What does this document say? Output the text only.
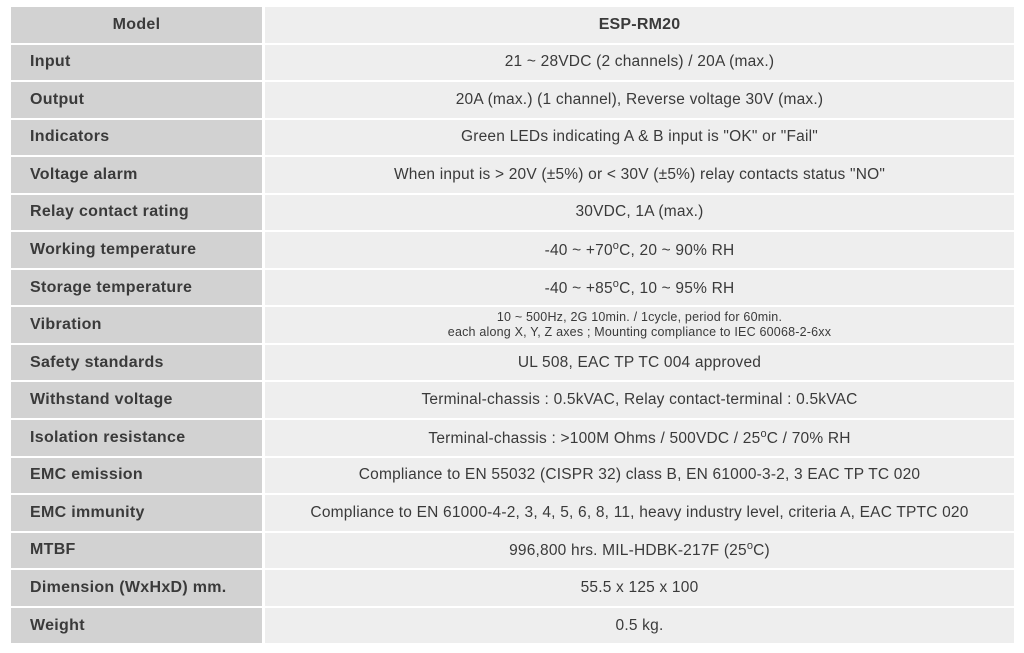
Model	ESP-RM20
Input	21 ~ 28VDC (2 channels) / 20A (max.)
Output	20A (max.) (1 channel), Reverse voltage 30V (max.)
Indicators	Green LEDs indicating A & B input is "OK" or "Fail"
Voltage alarm	When input is > 20V (±5%) or < 30V (±5%) relay contacts status "NO"
Relay contact rating	30VDC, 1A (max.)
Working temperature	-40 ~ $+70^oC$, 20 ~ 90% RH
Storage temperature	-40 ~ $+85^oC$, 10 ~ 95% RH
Vibration	10 ~ 500Hz, 2G 10min. / 1cycle, period for 60min.
each along X, Y, Z axes ; Mounting compliance to IEC 60068-2-6xx
Safety standards	UL 508, EAC TP TC 004 approved
Withstand voltage	Terminal-chassis : 0.5kVAC, Relay contact-terminal : 0.5kVAC
Isolation resistance	Terminal-chassis : >100M Ohms / 500VDC / 25$^o$C / 70% RH
EMC emission	Compliance to EN 55032 (CISPR 32) class B, EN 61000-3-2, 3 EAC TP TC 020
EMC immunity	Compliance to EN 61000-4-2, 3, 4, 5, 6, 8, 11, heavy industry level, criteria A, EAC TPTC 020
MTBF	996,800 hrs. MIL-HDBK-217F (25$^o$C)
Dimension (WxHxD) mm.	55.5 x 125 x 100
Weight	0.5 kg.
